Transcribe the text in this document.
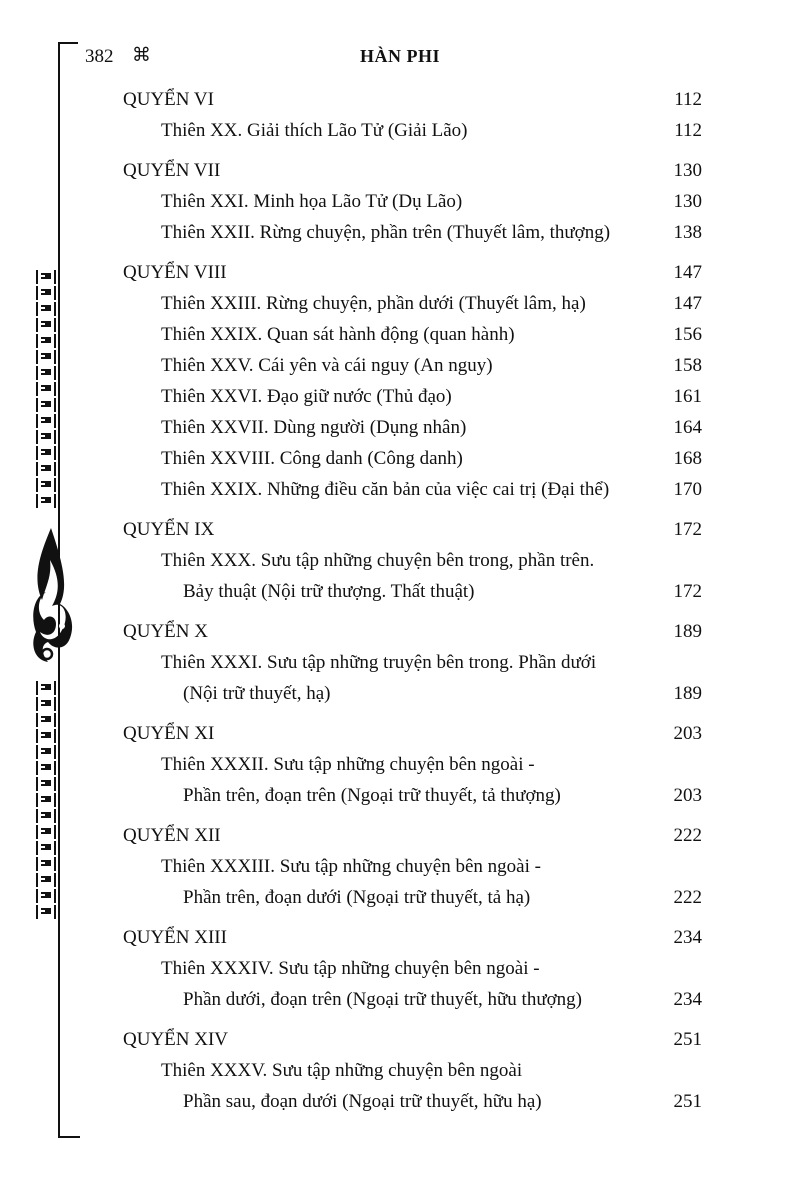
382 ⌘	HÀN PHI
QUYỂN VI	112
Thiên XX. Giải thích Lão Tử (Giải Lão)	112
QUYỂN VII	130
Thiên XXI. Minh họa Lão Tử (Dụ Lão)	130
Thiên XXII. Rừng chuyện, phần trên (Thuyết lâm, thượng)	138
QUYỂN VIII	147
Thiên XXIII. Rừng chuyện, phần dưới (Thuyết lâm, hạ)	147
Thiên XXIX. Quan sát hành động (quan hành)	156
Thiên XXV. Cái yên và cái nguy (An nguy)	158
Thiên XXVI. Đạo giữ nước (Thủ đạo)	161
Thiên XXVII. Dùng người (Dụng nhân)	164
Thiên XXVIII. Công danh (Công danh)	168
Thiên XXIX. Những điều căn bản của việc cai trị (Đại thể)	170
QUYỂN IX	172
Thiên XXX. Sưu tập những chuyện bên trong, phần trên.
Bảy thuật (Nội trữ thượng. Thất thuật)	172
QUYỂN X	189
Thiên XXXI. Sưu tập những truyện bên trong. Phần dưới
(Nội trữ thuyết, hạ)	189
QUYỂN XI	203
Thiên XXXII. Sưu tập những chuyện bên ngoài -
Phần trên, đoạn trên (Ngoại trữ thuyết, tả thượng)	203
QUYỂN XII	222
Thiên XXXIII. Sưu tập những chuyện bên ngoài -
Phần trên, đoạn dưới (Ngoại trữ thuyết, tả hạ)	222
QUYỂN XIII	234
Thiên XXXIV. Sưu tập những chuyện bên ngoài -
Phần dưới, đoạn trên (Ngoại trữ thuyết, hữu thượng)	234
QUYỂN XIV	251
Thiên XXXV. Sưu tập những chuyện bên ngoài
Phần sau, đoạn dưới (Ngoại trữ thuyết, hữu hạ)	251
